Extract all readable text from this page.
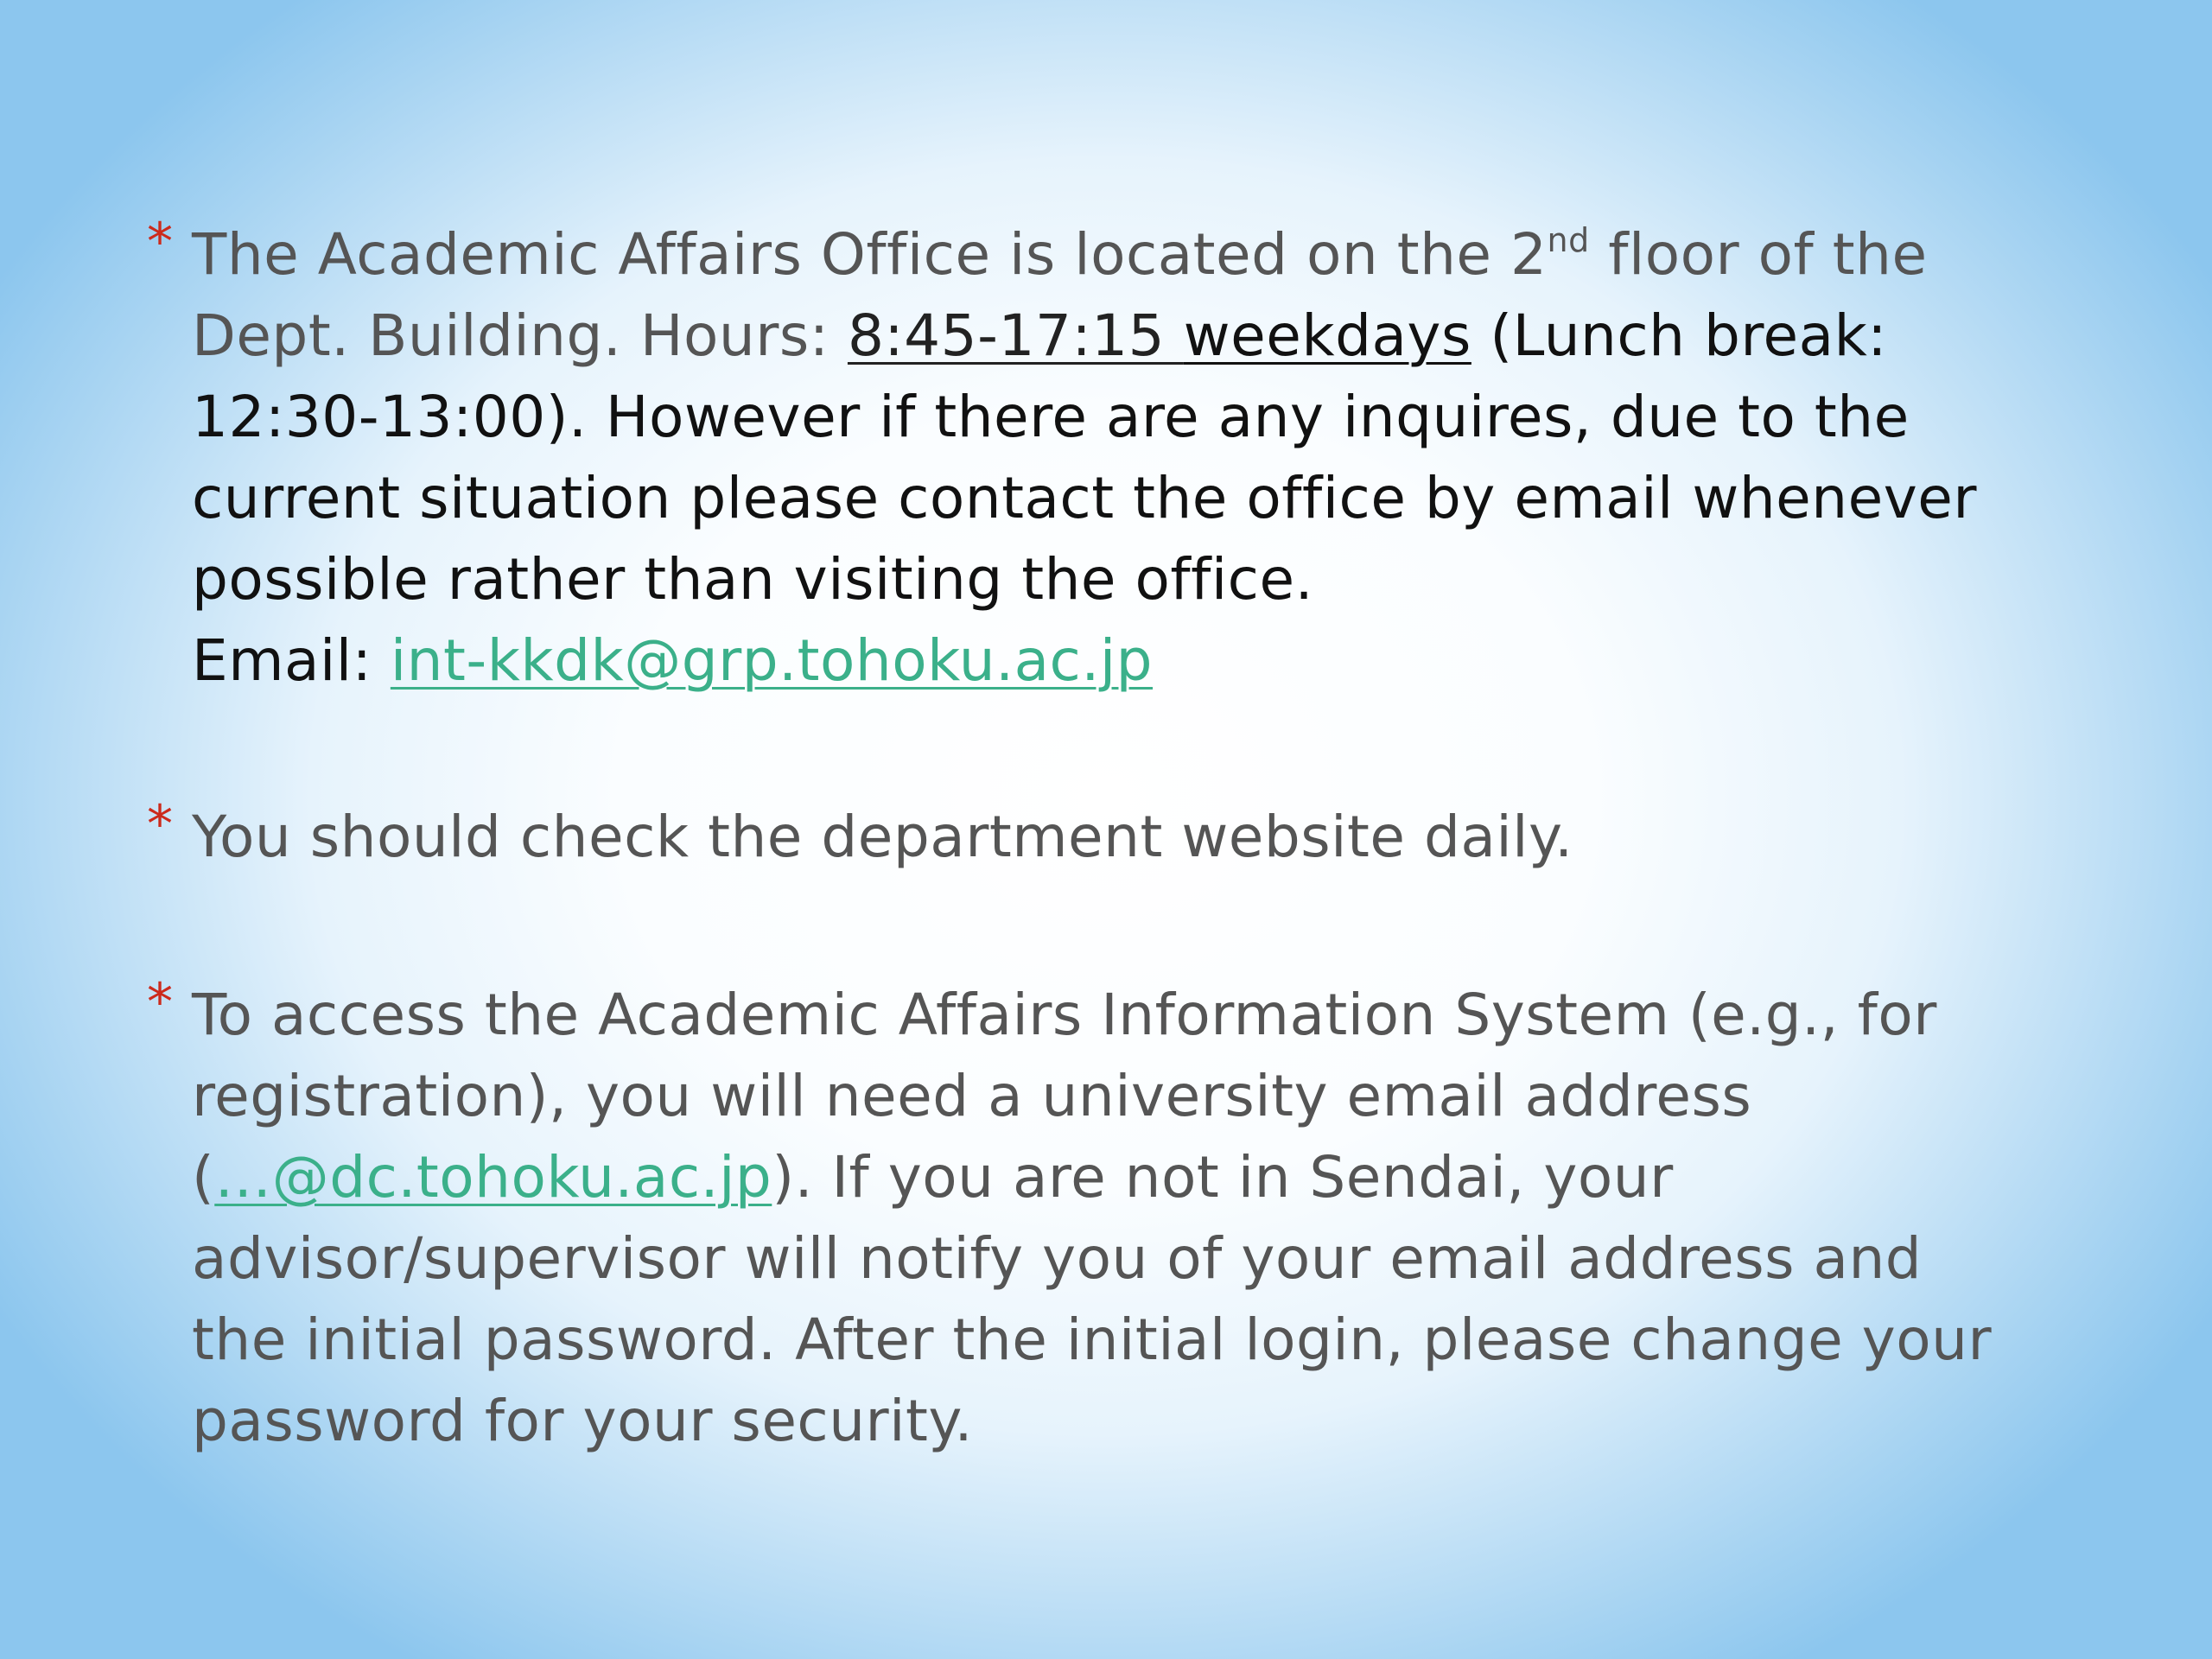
* The Academic Affairs Office is located on the 2nd floor of the
Dept. Building. Hours: 8:45-17:15 weekdays (Lunch break:
12:30-13:00). However if there are any inquires, due to the
current situation please contact the office by email whenever
possible rather than visiting the office.
Email: int-kkdk@grp.tohoku.ac.jp
* You should check the department website daily.
* To access the Academic Affairs Information System (e.g., for
registration), you will need a university email address
(…@dc.tohoku.ac.jp). If you are not in Sendai, your
advisor/supervisor will notify you of your email address and
the initial password. After the initial login, please change your
password for your security.
